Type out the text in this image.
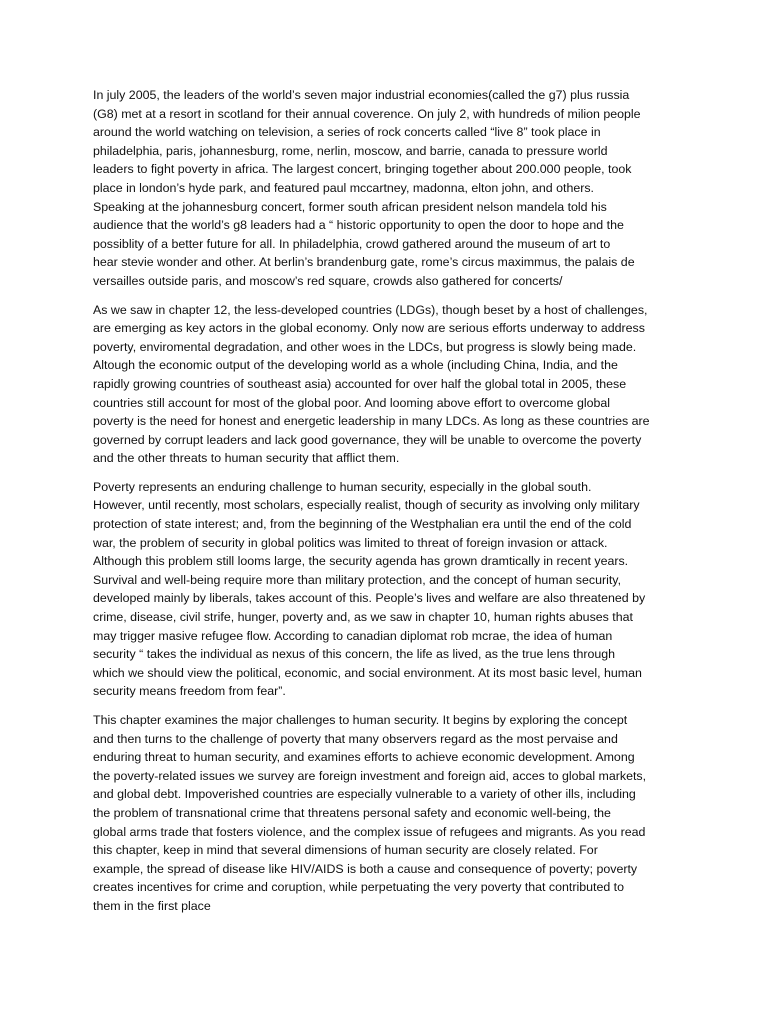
In july 2005, the leaders of the world’s seven major industrial economies(called the g7) plus russia
(G8) met at a resort in scotland for their annual coverence. On july 2, with hundreds of milion people
around the world watching on television, a series of rock concerts called “live 8” took place in
philadelphia, paris, johannesburg, rome, nerlin, moscow, and barrie, canada to pressure world
leaders to fight poverty in africa. The largest concert, bringing together about 200.000 people, took
place in london’s hyde park, and featured paul mccartney, madonna, elton john, and others.
Speaking at the johannesburg concert, former south african president nelson mandela told his
audience that the world’s g8 leaders had a “ historic opportunity to open the door to hope and the
possiblity of a better future for all. In philadelphia, crowd gathered around the museum of art to
hear stevie wonder and other. At berlin’s brandenburg gate, rome’s circus maximmus, the palais de
versailles outside paris, and moscow’s red square, crowds also gathered for concerts/

As we saw in chapter 12, the less-developed countries (LDGs), though beset by a host of challenges,
are emerging as key actors in the global economy. Only now are serious efforts underway to address
poverty, enviromental degradation, and other woes in the LDCs, but progress is slowly being made.
Altough the economic output of the developing world as a whole (including China, India, and the
rapidly growing countries of southeast asia) accounted for over half the global total in 2005, these
countries still account for most of the global poor. And looming above effort to overcome global
poverty is the need for honest and energetic leadership in many LDCs. As long as these countries are
governed by corrupt leaders and lack good governance, they will be unable to overcome the poverty
and the other threats to human security that afflict them.

Poverty represents an enduring challenge to human security, especially in the global south.
However, until recently, most scholars, especially realist, though of security as involving only military
protection of state interest; and, from the beginning of the Westphalian era until the end of the cold
war, the problem of security in global politics was limited to threat of foreign invasion or attack.
Although this problem still looms large, the security agenda has grown dramtically in recent years.
Survival and well-being require more than military protection, and the concept of human security,
developed mainly by liberals, takes account of this. People’s lives and welfare are also threatened by
crime, disease, civil strife, hunger, poverty and, as we saw in chapter 10, human rights abuses that
may trigger masive refugee flow. According to canadian diplomat rob mcrae, the idea of human
security “ takes the individual as nexus of this concern, the life as lived, as the true lens through
which we should view the political, economic, and social environment. At its most basic level, human
security means freedom from fear”.

This chapter examines the major challenges to human security. It begins by exploring the concept
and then turns to the challenge of poverty that many observers regard as the most pervaise and
enduring threat to human security, and examines efforts to achieve economic development. Among
the poverty-related issues we survey are foreign investment and foreign aid, acces to global markets,
and global debt. Impoverished countries are especially vulnerable to a variety of other ills, including
the problem of transnational crime that threatens personal safety and economic well-being, the
global arms trade that fosters violence, and the complex issue of refugees and migrants. As you read
this chapter, keep in mind that several dimensions of human security are closely related. For
example, the spread of disease like HIV/AIDS is both a cause and consequence of poverty; poverty
creates incentives for crime and coruption, while perpetuating the very poverty that contributed to
them in the first place
